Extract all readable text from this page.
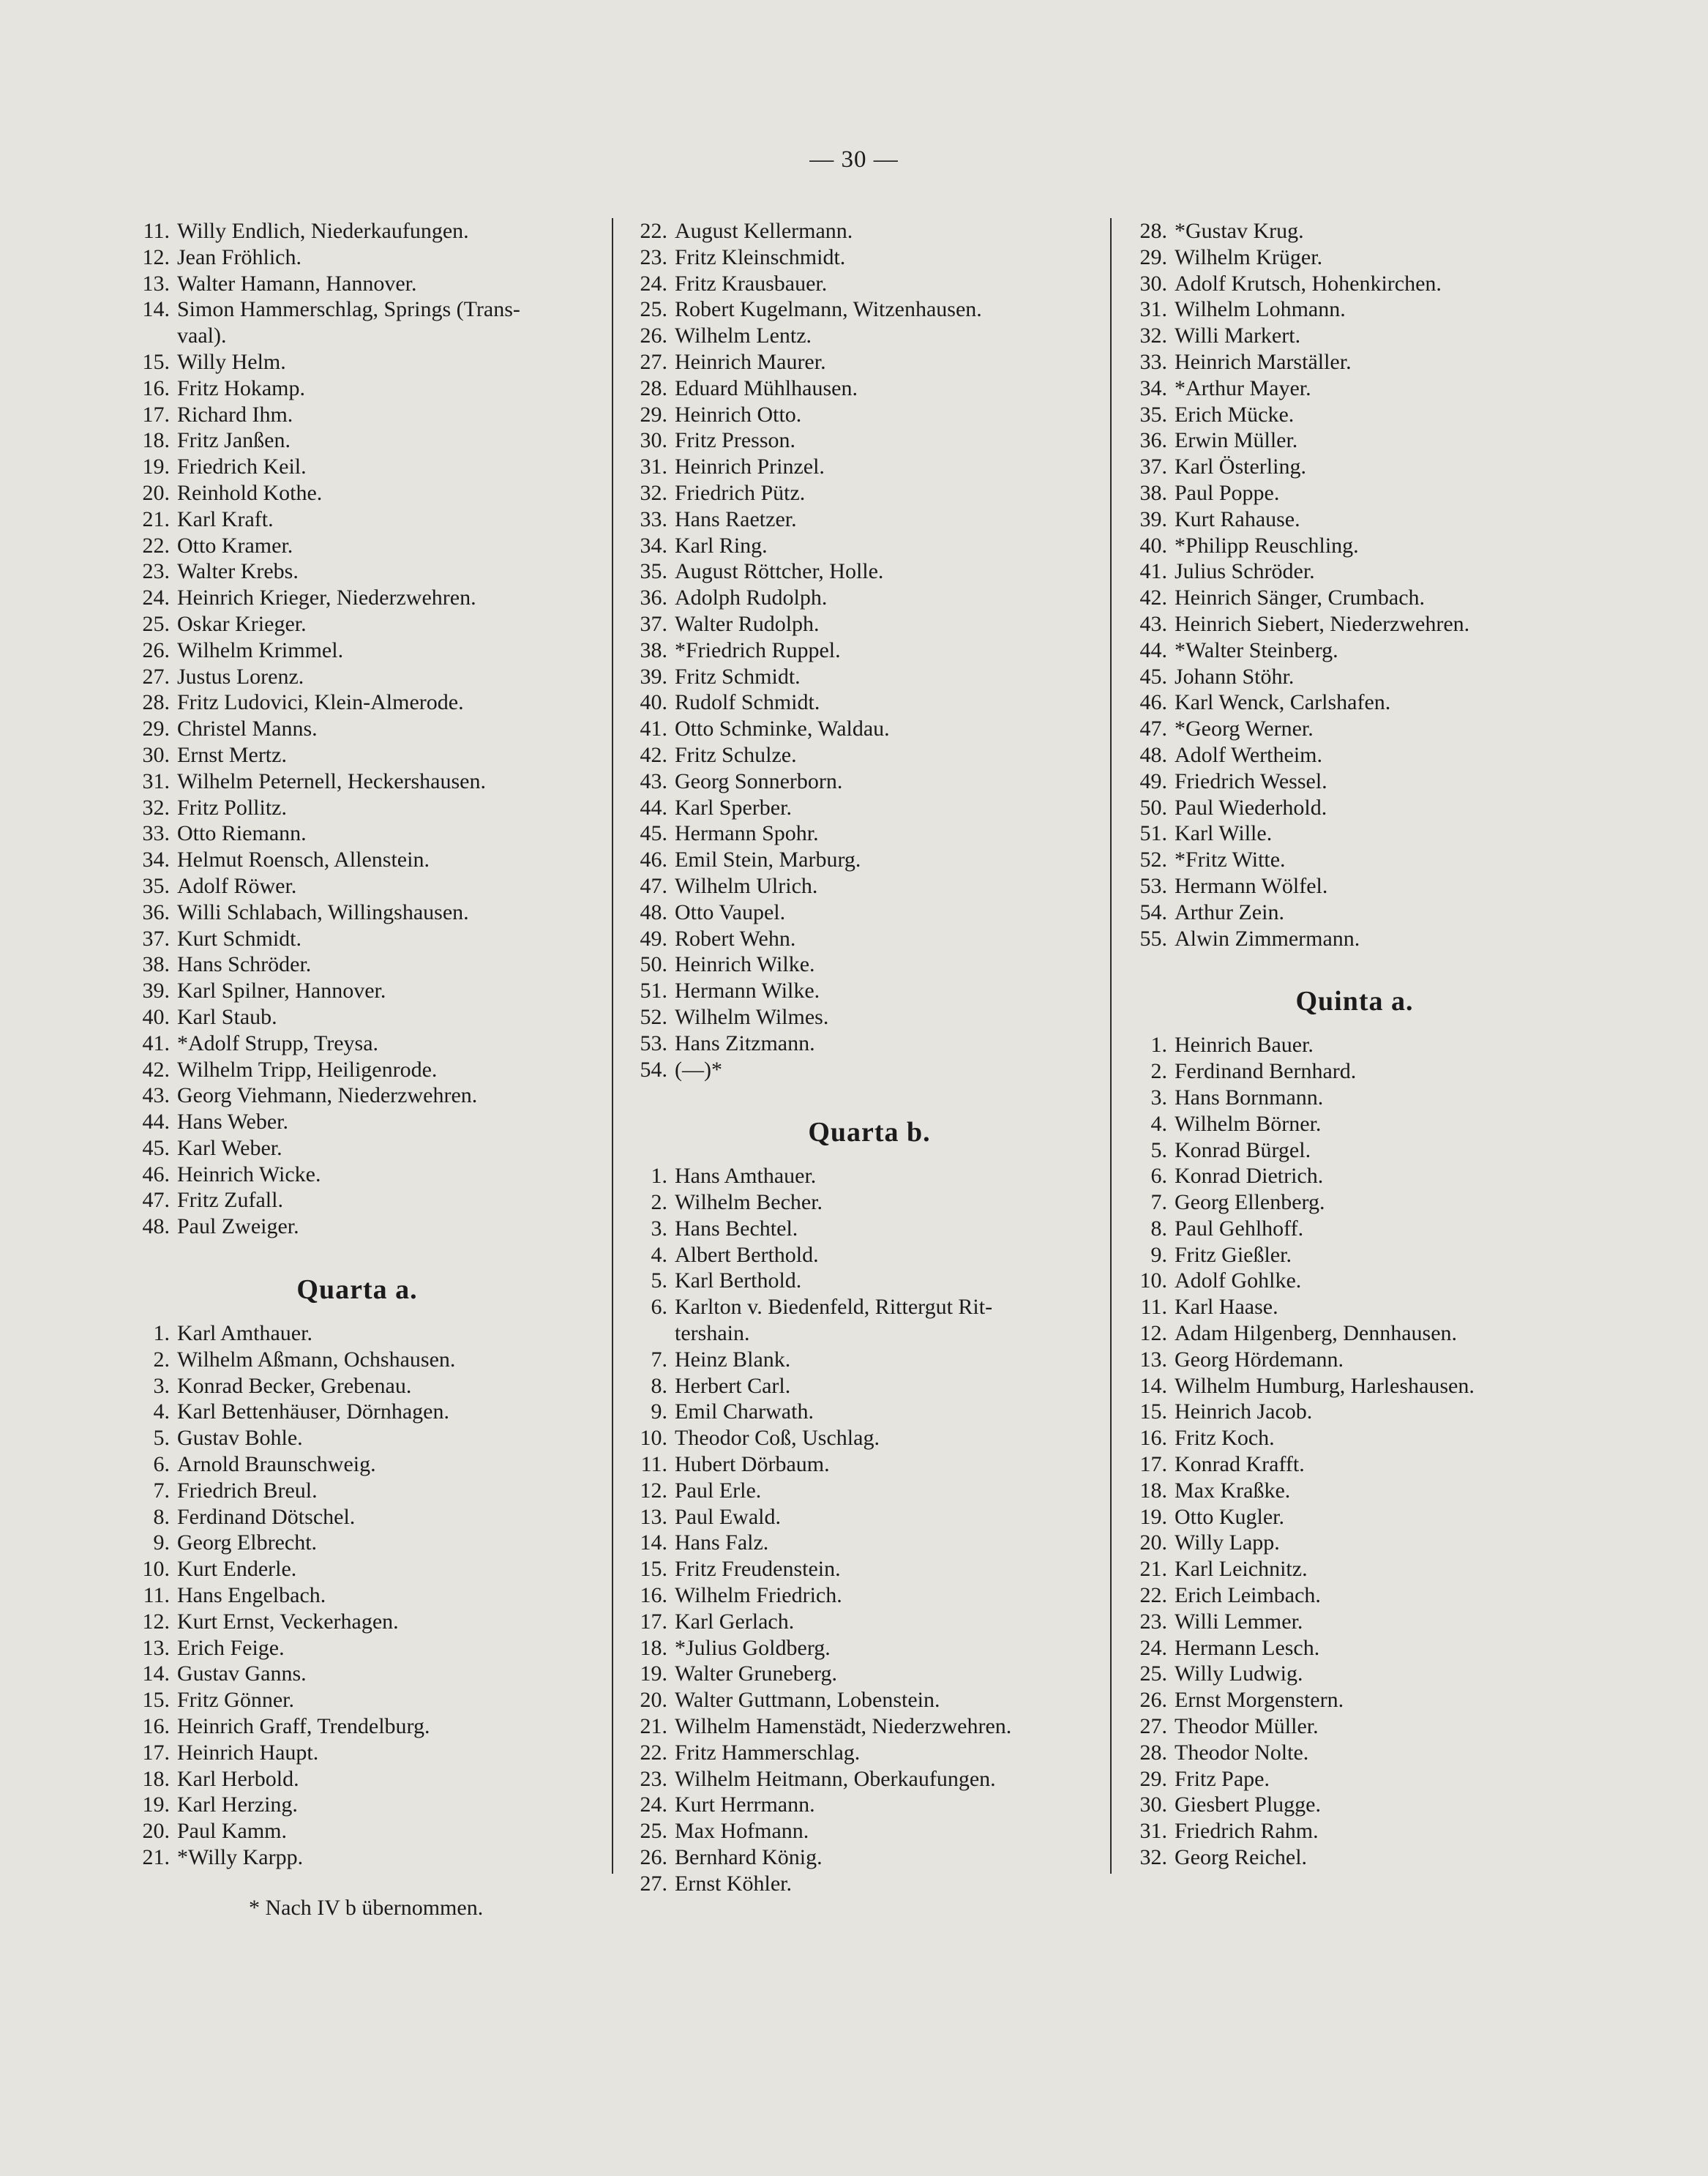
— 30 —
11. Willy Endlich, Niederkaufungen.
12. Jean Fröhlich.
13. Walter Hamann, Hannover.
14. Simon Hammerschlag, Springs (Trans-
vaal).
15. Willy Helm.
16. Fritz Hokamp.
17. Richard Ihm.
18. Fritz Janßen.
19. Friedrich Keil.
20. Reinhold Kothe.
21. Karl Kraft.
22. Otto Kramer.
23. Walter Krebs.
24. Heinrich Krieger, Niederzwehren.
25. Oskar Krieger.
26. Wilhelm Krimmel.
27. Justus Lorenz.
28. Fritz Ludovici, Klein-Almerode.
29. Christel Manns.
30. Ernst Mertz.
31. Wilhelm Peternell, Heckershausen.
32. Fritz Pollitz.
33. Otto Riemann.
34. Helmut Roensch, Allenstein.
35. Adolf Röwer.
36. Willi Schlabach, Willingshausen.
37. Kurt Schmidt.
38. Hans Schröder.
39. Karl Spilner, Hannover.
40. Karl Staub.
41. *Adolf Strupp, Treysa.
42. Wilhelm Tripp, Heiligenrode.
43. Georg Viehmann, Niederzwehren.
44. Hans Weber.
45. Karl Weber.
46. Heinrich Wicke.
47. Fritz Zufall.
48. Paul Zweiger.
Quarta a.
1. Karl Amthauer.
2. Wilhelm Aßmann, Ochshausen.
3. Konrad Becker, Grebenau.
4. Karl Bettenhäuser, Dörnhagen.
5. Gustav Bohle.
6. Arnold Braunschweig.
7. Friedrich Breul.
8. Ferdinand Dötschel.
9. Georg Elbrecht.
10. Kurt Enderle.
11. Hans Engelbach.
12. Kurt Ernst, Veckerhagen.
13. Erich Feige.
14. Gustav Ganns.
15. Fritz Gönner.
16. Heinrich Graff, Trendelburg.
17. Heinrich Haupt.
18. Karl Herbold.
19. Karl Herzing.
20. Paul Kamm.
21. *Willy Karpp.
22. August Kellermann.
23. Fritz Kleinschmidt.
24. Fritz Krausbauer.
25. Robert Kugelmann, Witzenhausen.
26. Wilhelm Lentz.
27. Heinrich Maurer.
28. Eduard Mühlhausen.
29. Heinrich Otto.
30. Fritz Presson.
31. Heinrich Prinzel.
32. Friedrich Pütz.
33. Hans Raetzer.
34. Karl Ring.
35. August Röttcher, Holle.
36. Adolph Rudolph.
37. Walter Rudolph.
38. *Friedrich Ruppel.
39. Fritz Schmidt.
40. Rudolf Schmidt.
41. Otto Schminke, Waldau.
42. Fritz Schulze.
43. Georg Sonnerborn.
44. Karl Sperber.
45. Hermann Spohr.
46. Emil Stein, Marburg.
47. Wilhelm Ulrich.
48. Otto Vaupel.
49. Robert Wehn.
50. Heinrich Wilke.
51. Hermann Wilke.
52. Wilhelm Wilmes.
53. Hans Zitzmann.
54. (—)*
Quarta b.
1. Hans Amthauer.
2. Wilhelm Becher.
3. Hans Bechtel.
4. Albert Berthold.
5. Karl Berthold.
6. Karlton v. Biedenfeld, Rittergut Rit-
tershain.
7. Heinz Blank.
8. Herbert Carl.
9. Emil Charwath.
10. Theodor Coß, Uschlag.
11. Hubert Dörbaum.
12. Paul Erle.
13. Paul Ewald.
14. Hans Falz.
15. Fritz Freudenstein.
16. Wilhelm Friedrich.
17. Karl Gerlach.
18. *Julius Goldberg.
19. Walter Gruneberg.
20. Walter Guttmann, Lobenstein.
21. Wilhelm Hamenstädt, Niederzwehren.
22. Fritz Hammerschlag.
23. Wilhelm Heitmann, Oberkaufungen.
24. Kurt Herrmann.
25. Max Hofmann.
26. Bernhard König.
27. Ernst Köhler.
28. *Gustav Krug.
29. Wilhelm Krüger.
30. Adolf Krutsch, Hohenkirchen.
31. Wilhelm Lohmann.
32. Willi Markert.
33. Heinrich Marställer.
34. *Arthur Mayer.
35. Erich Mücke.
36. Erwin Müller.
37. Karl Österling.
38. Paul Poppe.
39. Kurt Rahause.
40. *Philipp Reuschling.
41. Julius Schröder.
42. Heinrich Sänger, Crumbach.
43. Heinrich Siebert, Niederzwehren.
44. *Walter Steinberg.
45. Johann Stöhr.
46. Karl Wenck, Carlshafen.
47. *Georg Werner.
48. Adolf Wertheim.
49. Friedrich Wessel.
50. Paul Wiederhold.
51. Karl Wille.
52. *Fritz Witte.
53. Hermann Wölfel.
54. Arthur Zein.
55. Alwin Zimmermann.
Quinta a.
1. Heinrich Bauer.
2. Ferdinand Bernhard.
3. Hans Bornmann.
4. Wilhelm Börner.
5. Konrad Bürgel.
6. Konrad Dietrich.
7. Georg Ellenberg.
8. Paul Gehlhoff.
9. Fritz Gießler.
10. Adolf Gohlke.
11. Karl Haase.
12. Adam Hilgenberg, Dennhausen.
13. Georg Hördemann.
14. Wilhelm Humburg, Harleshausen.
15. Heinrich Jacob.
16. Fritz Koch.
17. Konrad Krafft.
18. Max Kraßke.
19. Otto Kugler.
20. Willy Lapp.
21. Karl Leichnitz.
22. Erich Leimbach.
23. Willi Lemmer.
24. Hermann Lesch.
25. Willy Ludwig.
26. Ernst Morgenstern.
27. Theodor Müller.
28. Theodor Nolte.
29. Fritz Pape.
30. Giesbert Plugge.
31. Friedrich Rahm.
32. Georg Reichel.
* Nach IV b übernommen.
